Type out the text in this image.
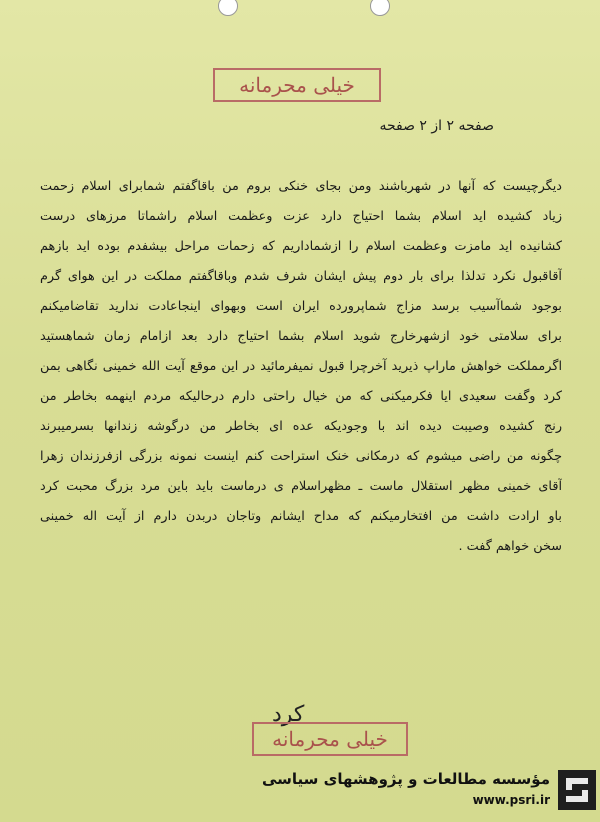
خیلی محرمانه
صفحه ۲ از ۲ صفحه
دیگرچیست که آنها در شهرباشند ومن بجای خنکی بروم من باقاگفتم شمابرای اسلام زحمت
زیاد کشیده اید اسلام بشما احتیاج دارد عزت وعظمت اسلام راشماتا مرزهای درست
کشانیده اید مامزت وعظمت اسلام را ازشماداریم که زحمات مراحل بیشفدم بوده اید بازهم
آقاقبول نکرد تدلذا برای بار دوم پیش ایشان شرف شدم وباقاگفتم مملکت در این هوای گرم
بوجود شماآسیب برسد مزاج شماپرورده ایران است وبهوای اینجاعادت ندارید تقاضامیکنم
برای سلامتی خود ازشهرخارج شوید اسلام بشما احتیاج دارد بعد ازامام زمان شماهستید
اگرمملکت خواهش ماراپ ذیرید آخرچرا قبول نمیفرمائید در این موقع آیت الله خمینی نگاهی بمن
کرد وگفت سعیدی ایا فکرمیکنی که من خیال راحتی دارم درحالیکه مردم اینهمه بخاطر من
رنج کشیده وصیبت دیده اند با وجودیکه عده ای بخاطر من درگوشه زندانها بسرمیبرند
چگونه من راضی میشوم که درمکانی خنک استراحت کنم اینست نمونه بزرگی ازفرزندان زهرا
آقای خمینی مظهر استقلال ماست ـ مظهراسلام ی درماست باید باین مرد بزرگ محبت کرد
باو ارادت داشت من افتخارمیکنم که مداح ایشانم وتاجان دربدن دارم از آیت اله خمینی
سخن خواهم گفت .
کرد
خیلی محرمانه
مؤسسه مطالعات و پژوهشهای سیاسی
www.psri.ir
